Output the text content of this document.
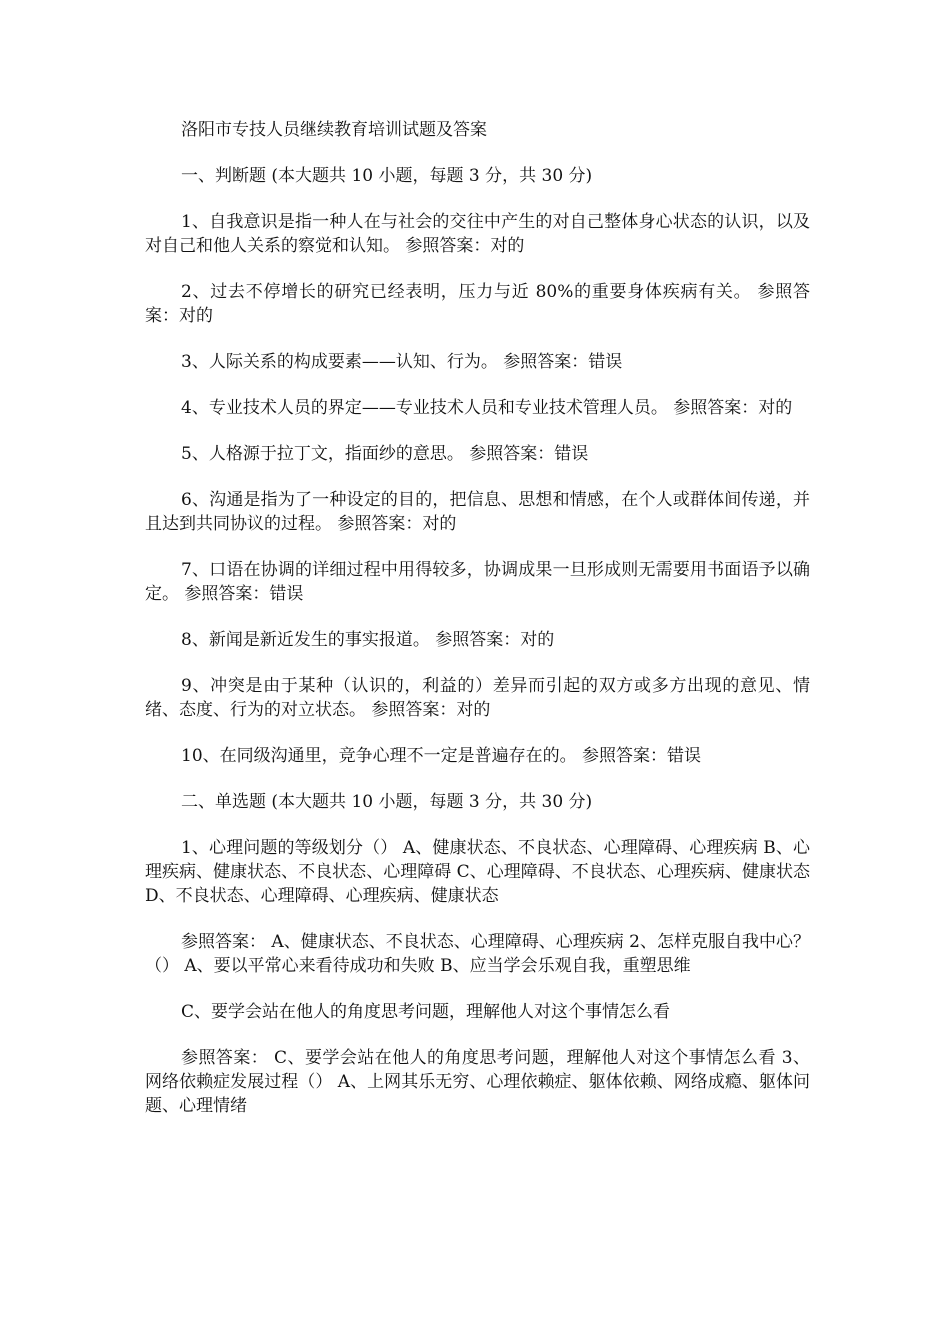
洛阳市专技人员继续教育培训试题及答案

一、判断题 (本大题共 10 小题，每题 3 分，共 30 分)

1、自我意识是指一种人在与社会的交往中产生的对自己整体身心状态的认识，以及对自己和他人关系的察觉和认知。 参照答案：对的

2、过去不停增长的研究已经表明，压力与近 80%的重要身体疾病有关。 参照答案：对的

3、人际关系的构成要素——认知、行为。 参照答案：错误

4、专业技术人员的界定——专业技术人员和专业技术管理人员。 参照答案：对的

5、人格源于拉丁文，指面纱的意思。 参照答案：错误

6、沟通是指为了一种设定的目的，把信息、思想和情感，在个人或群体间传递，并且达到共同协议的过程。 参照答案：对的

7、口语在协调的详细过程中用得较多，协调成果一旦形成则无需要用书面语予以确定。 参照答案：错误

8、新闻是新近发生的事实报道。 参照答案：对的

9、冲突是由于某种（认识的，利益的）差异而引起的双方或多方出现的意见、情绪、态度、行为的对立状态。 参照答案：对的

10、在同级沟通里，竞争心理不一定是普遍存在的。 参照答案：错误

二、单选题 (本大题共 10 小题，每题 3 分，共 30 分)

1、心理问题的等级划分（） A、健康状态、不良状态、心理障碍、心理疾病 B、心理疾病、健康状态、不良状态、心理障碍 C、心理障碍、不良状态、心理疾病、健康状态 D、不良状态、心理障碍、心理疾病、健康状态

参照答案： A、健康状态、不良状态、心理障碍、心理疾病 2、怎样克服自我中心？（） A、要以平常心来看待成功和失败 B、应当学会乐观自我，重塑思维

C、要学会站在他人的角度思考问题，理解他人对这个事情怎么看

参照答案： C、要学会站在他人的角度思考问题，理解他人对这个事情怎么看 3、网络依赖症发展过程（） A、上网其乐无穷、心理依赖症、躯体依赖、网络成瘾、躯体问题、心理情绪
